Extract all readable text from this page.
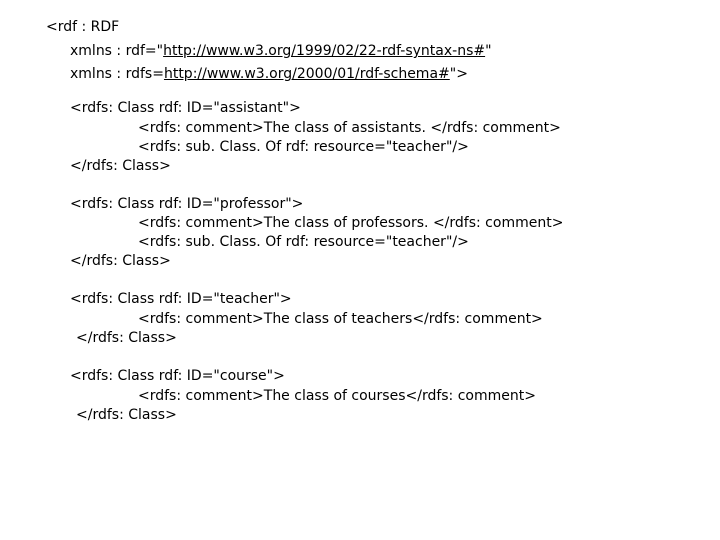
<rdf : RDF
xmlns : rdf="http://www.w3.org/1999/02/22-rdf-syntax-ns#"
xmlns : rdfs=http://www.w3.org/2000/01/rdf-schema#">
<rdfs: Class rdf: ID="assistant">
<rdfs: comment>The class of assistants. </rdfs: comment>
<rdfs: sub. Class. Of rdf: resource="teacher"/>
</rdfs: Class>
<rdfs: Class rdf: ID="professor">
<rdfs: comment>The class of professors. </rdfs: comment>
<rdfs: sub. Class. Of rdf: resource="teacher"/>
</rdfs: Class>
<rdfs: Class rdf: ID="teacher">
<rdfs: comment>The class of teachers</rdfs: comment>
</rdfs: Class>
<rdfs: Class rdf: ID="course">
<rdfs: comment>The class of courses</rdfs: comment>
</rdfs: Class>
